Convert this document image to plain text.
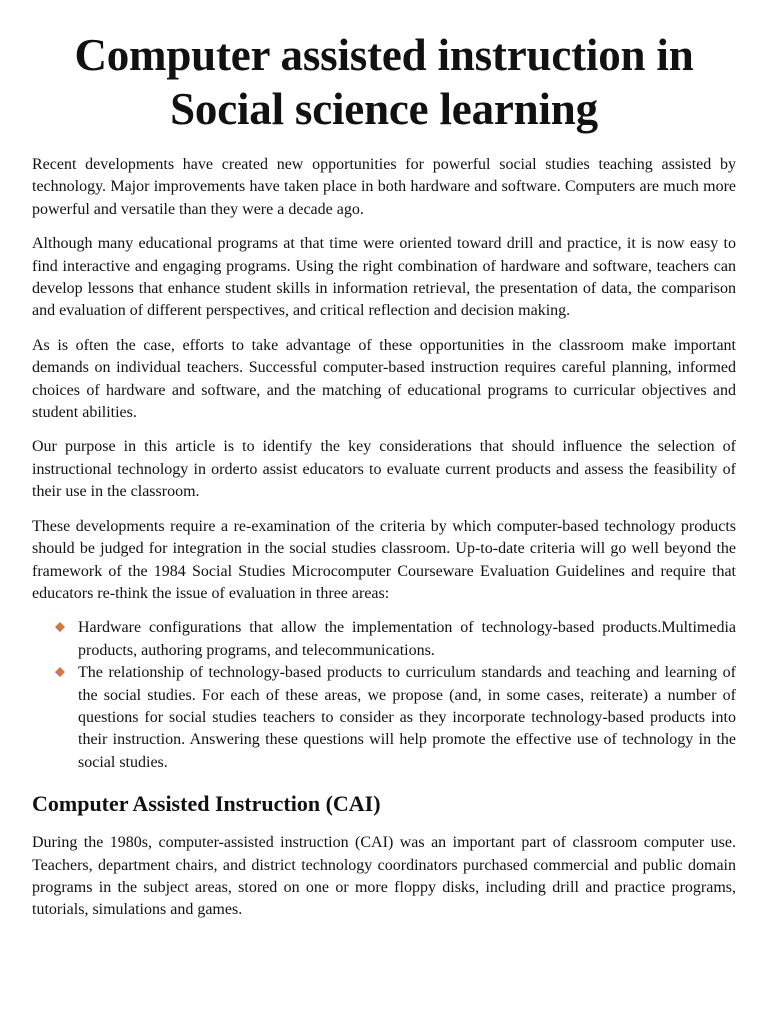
Computer assisted instruction in
Social science learning

Recent developments have created new opportunities for powerful social studies teaching assisted by technology. Major improvements have taken place in both hardware and software. Computers are much more powerful and versatile than they were a decade ago.

Although many educational programs at that time were oriented toward drill and practice, it is now easy to find interactive and engaging programs. Using the right combination of hardware and software, teachers can develop lessons that enhance student skills in information retrieval, the presentation of data, the comparison and evaluation of different perspectives, and critical reflection and decision making.

As is often the case, efforts to take advantage of these opportunities in the classroom make important demands on individual teachers. Successful computer-based instruction requires careful planning, informed choices of hardware and software, and the matching of educational programs to curricular objectives and student abilities.

Our purpose in this article is to identify the key considerations that should influence the selection of instructional technology in orderto assist educators to evaluate current products and assess the feasibility of their use in the classroom.

These developments require a re-examination of the criteria by which computer-based technology products should be judged for integration in the social studies classroom. Up-to-date criteria will go well beyond the framework of the 1984 Social Studies Microcomputer Courseware Evaluation Guidelines and require that educators re-think the issue of evaluation in three areas:

Hardware configurations that allow the implementation of technology-based products.Multimedia products, authoring programs, and telecommunications.
The relationship of technology-based products to curriculum standards and teaching and learning of the social studies. For each of these areas, we propose (and, in some cases, reiterate) a number of questions for social studies teachers to consider as they incorporate technology-based products into their instruction. Answering these questions will help promote the effective use of technology in the social studies.
Computer Assisted Instruction (CAI)

During the 1980s, computer-assisted instruction (CAI) was an important part of classroom computer use. Teachers, department chairs, and district technology coordinators purchased commercial and public domain programs in the subject areas, stored on one or more floppy disks, including drill and practice programs, tutorials, simulations and games.
